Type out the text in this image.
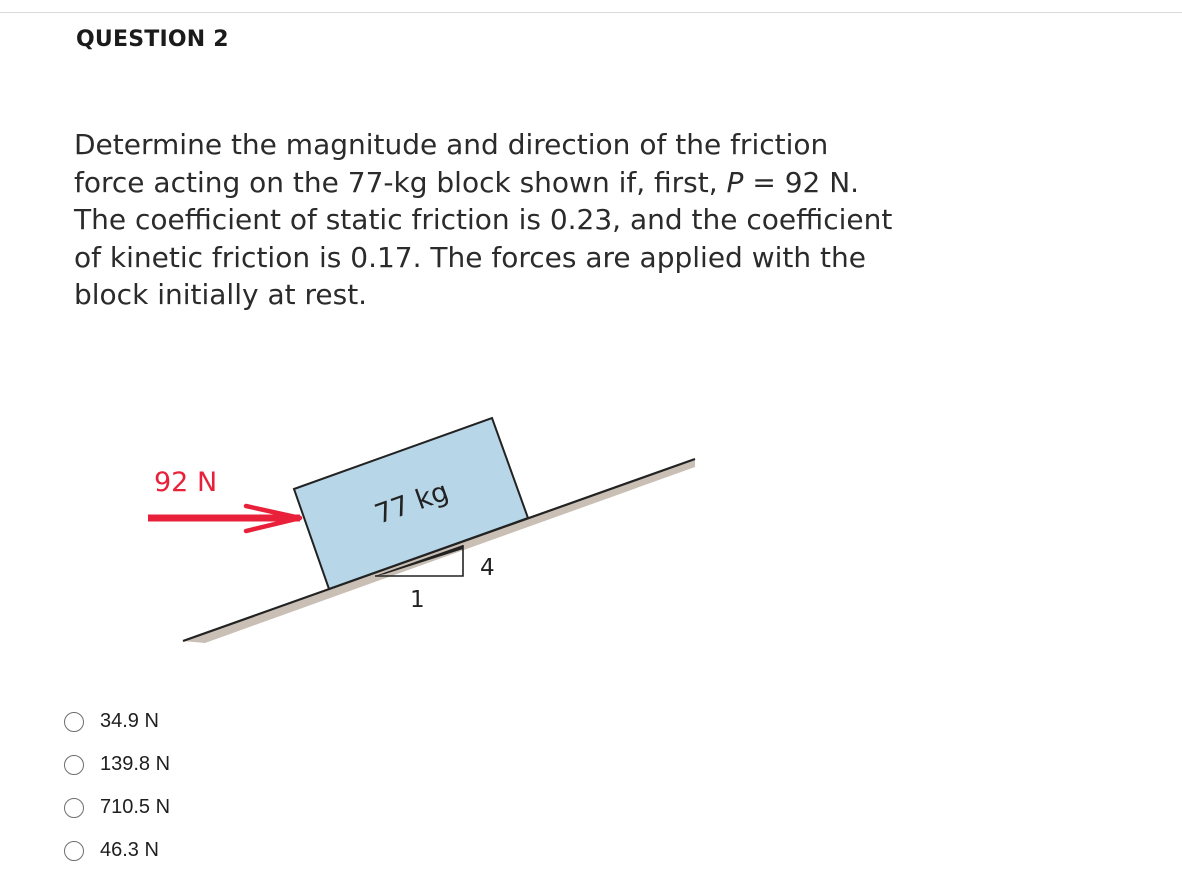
QUESTION 2

Determine the magnitude and direction of the friction force acting on the 77-kg block shown if, first, P = 92 N. The coefficient of static friction is 0.23, and the coefficient of kinetic friction is 0.17. The forces are applied with the block initially at rest.

92 N	77 kg
4
1
34.9 N
139.8 N
710.5 N
46.3 N
